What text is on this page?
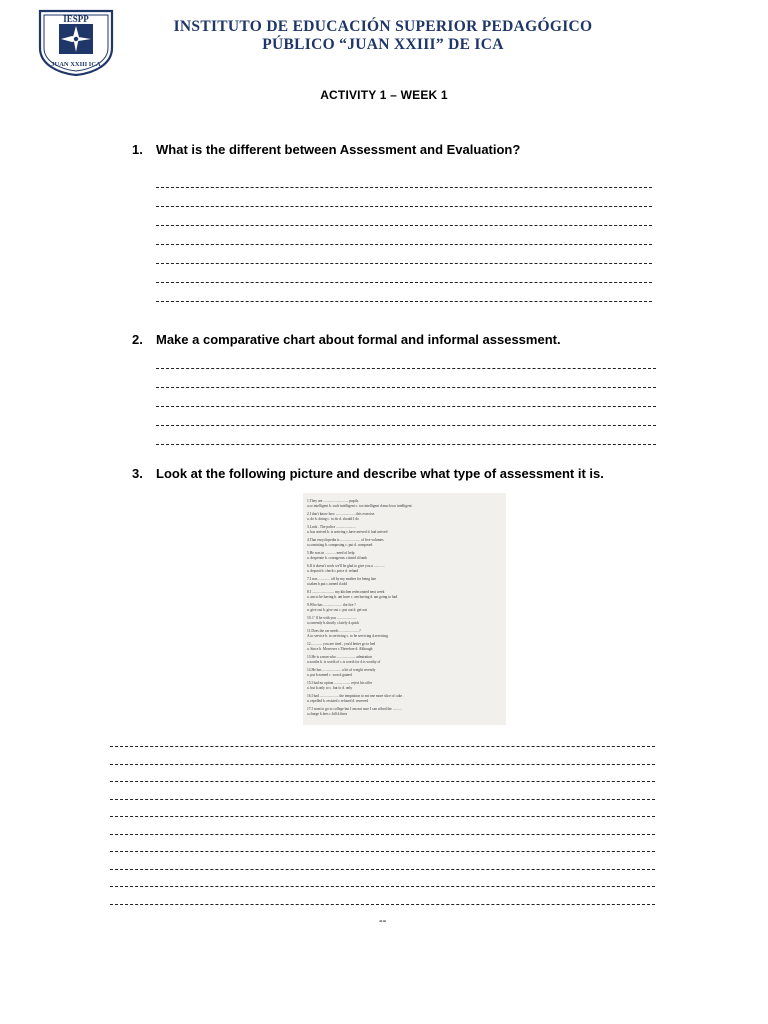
IESPP
JUAN XXIII ICA
INSTITUTO DE EDUCACIÓN SUPERIOR PEDAGÓGICO
PÚBLICO “JUAN XXIII” DE ICA
ACTIVITY 1 – WEEK 1
1. What is the different between Assessment and Evaluation?
2. Make a comparative chart about formal and informal assessment.
3. Look at the following picture and describe what type of assessment it is.
1.They are ............................ pupils.
a.so intelligent b. such intelligent c. too intelligent d.much too intelligent
2.I don't know how ...................... this exercise.
a. do b. doing c. to do d. should I do
3.Look . The police ......................
a. has arrived b. is arriving c.have arrived d. had arrived
4.That encyclopedia is ...................... of five volumes.
a.consisting b. composing c. put d. composed
5.He was in ............ need of help
a. desperate b. courageous c.timid d.frank
6.If it doesn't work we'll be glad to give you a ............
a. deposit b. check c.price d. refund
7.I was ............. off by my mother for being late
a.taken b.put c.turned d.told
8.I ......................... my kitchen redecorated next week
a. am to be having b. am have c. am having d. am going to had
9.Who has ..................... the fire ?
a. give out b. give out c. put out d. get out
10. I ' ll be with you ......................
a.currently b.shortly c.lately d.quick
11.Does the car needs ......................?
A.to service b. to servicing c. to be servicing d.servicing
12............. you are tired , you'd better go to bed
a. Since b. Moreover c.Therefore d. Although
13.He is a man who ..................... admiration
a.worths b. is worth of c.is worth for d.is worthy of
14.He has ..................... a lot of weight recently
a. put b.earned c .won d.gained
15.I had no option .................. reject his offer
a. but b.only to c. but to d. only
16.I had ..................... the temptation to eat one more slice of cake .
a. repelled b. resisted c.refused d. reserved
17.I want to go to college but I am not sure I can afford the ..........
a.charge b.fees c.bill d.fines
--
